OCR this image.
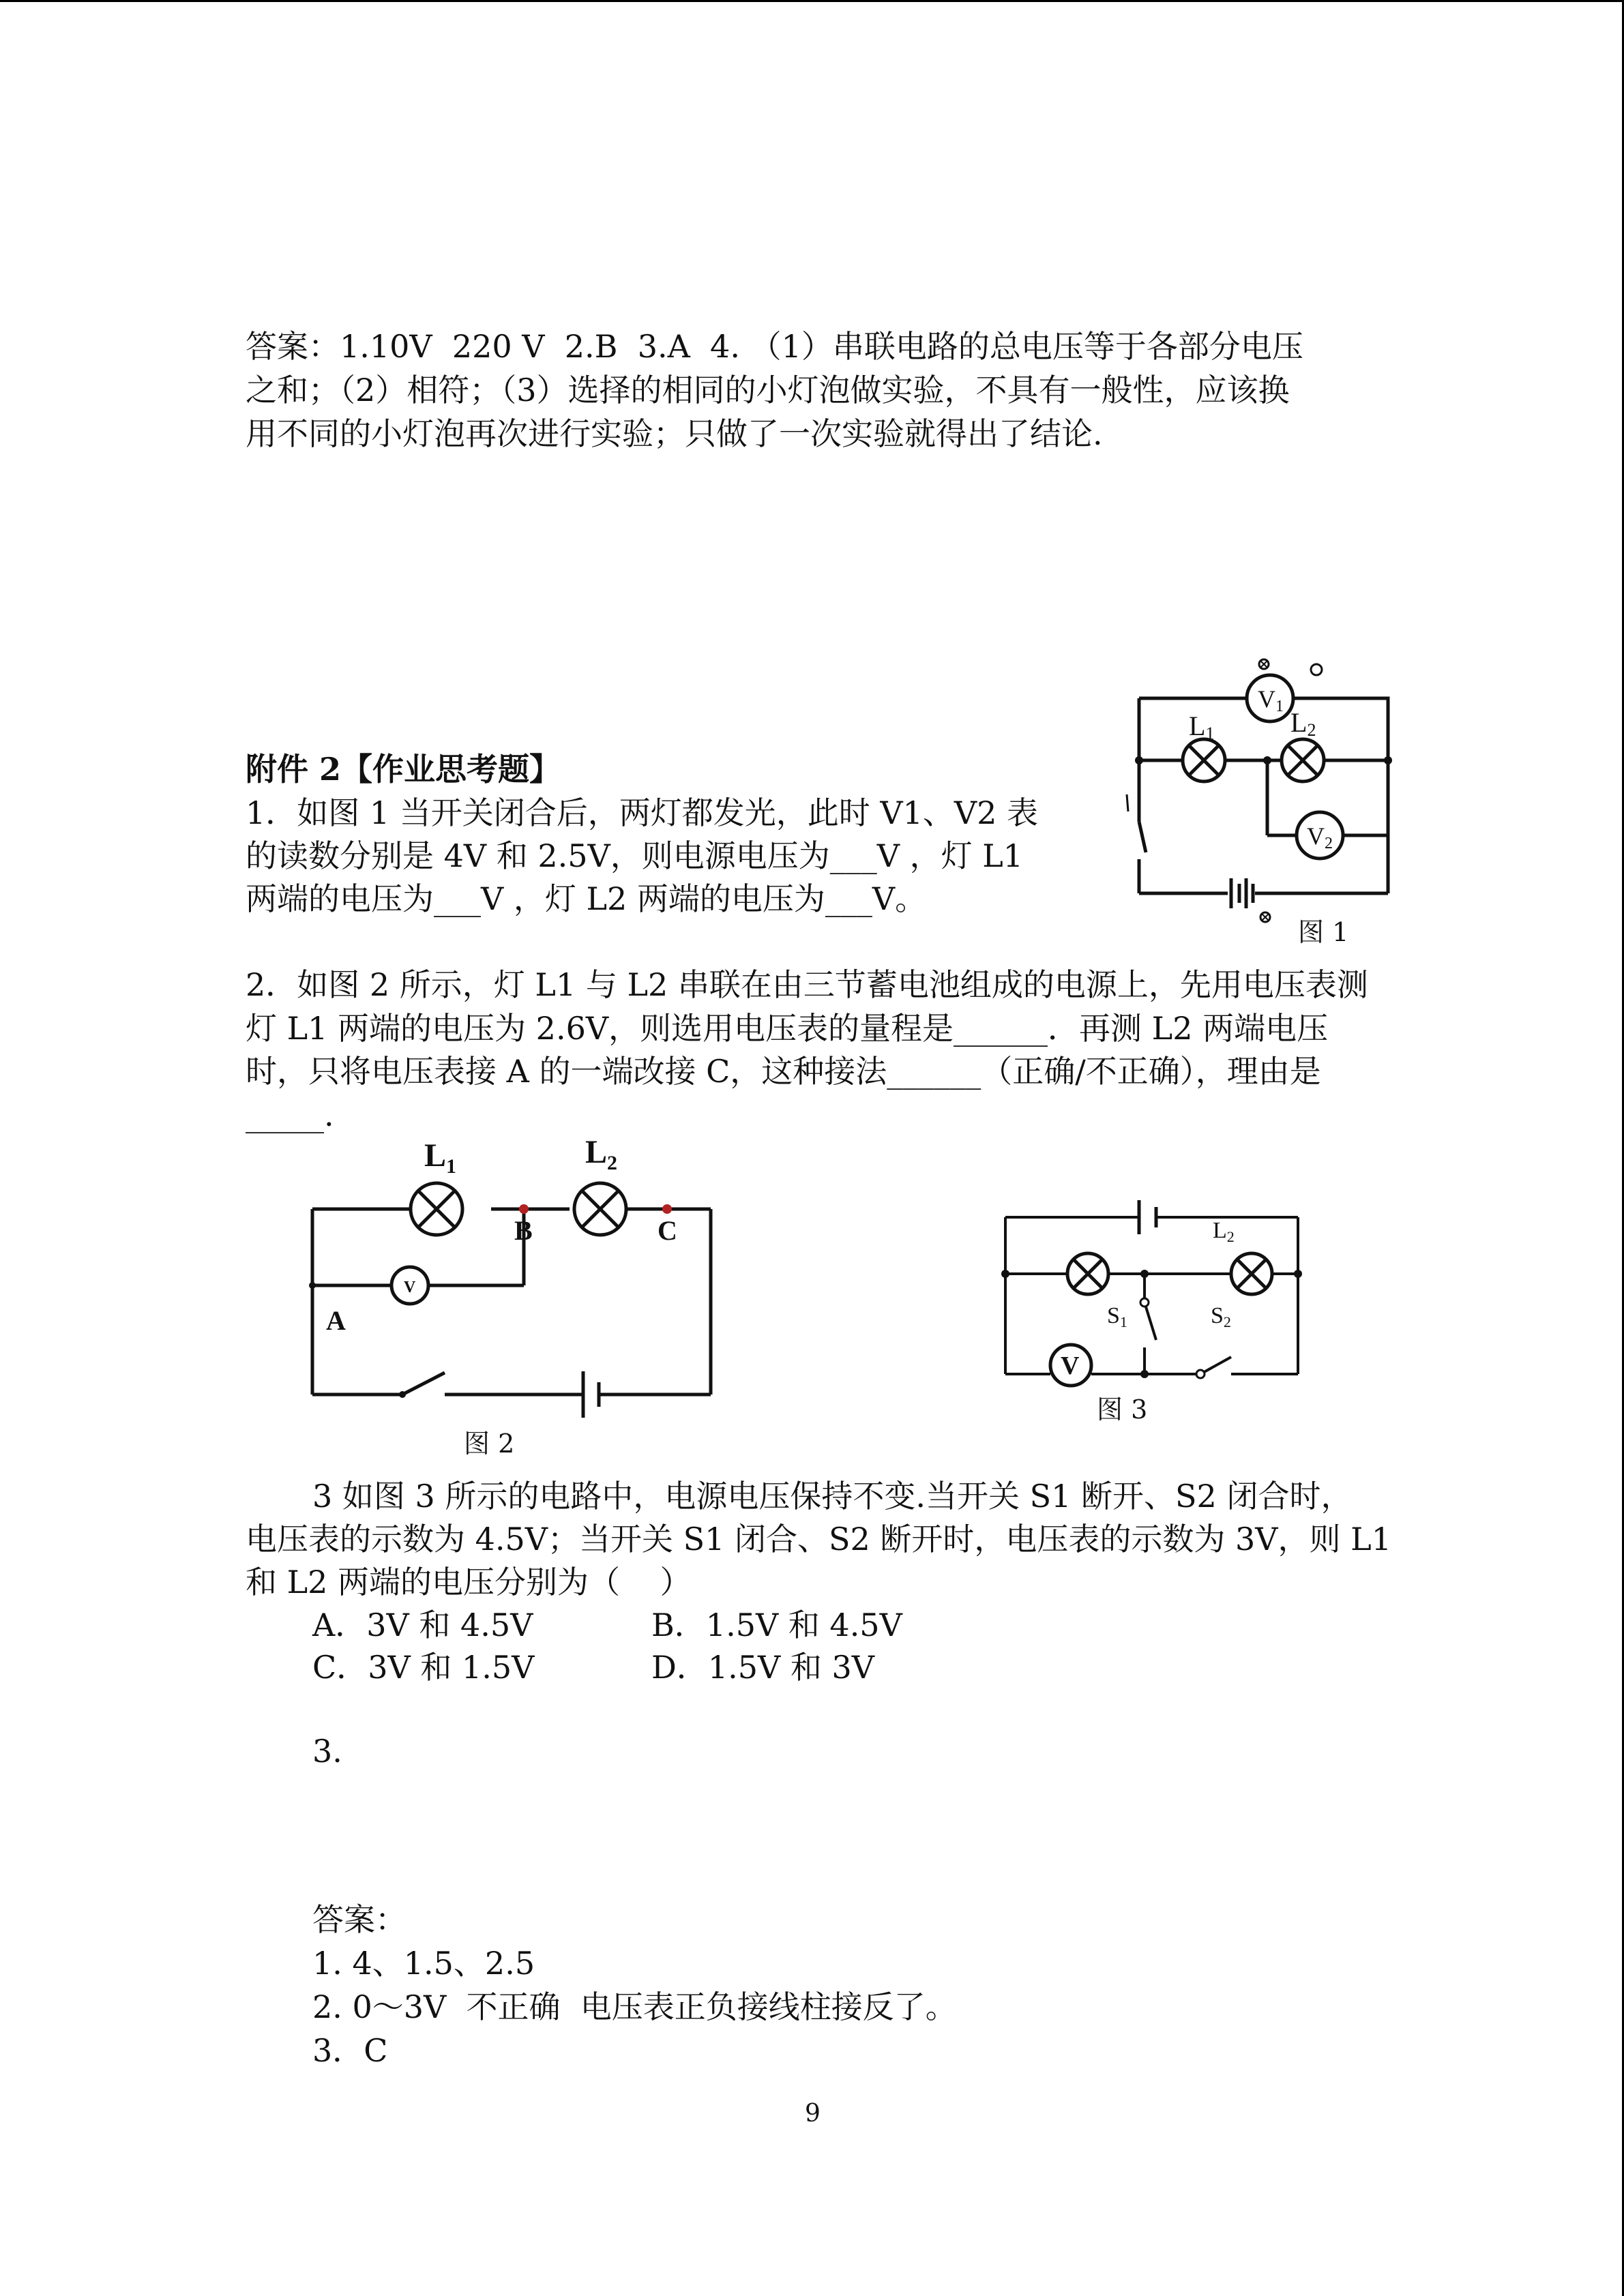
答案：1.10V  220 V  2.B  3.A  4. （1）串联电路的总电压等于各部分电压
之和；（2）相符；（3）选择的相同的小灯泡做实验，不具有一般性，应该换
用不同的小灯泡再次进行实验；只做了一次实验就得出了结论.
附件 2【作业思考题】
1．如图 1 当开关闭合后，两灯都发光，此时 V1、V2 表
的读数分别是 4V 和 2.5V，则电源电压为___V ，灯 L1
两端的电压为___V ，灯 L2 两端的电压为___V。
L1	L2
V1
V2
图 1
2．如图 2 所示，灯 L1 与 L2 串联在由三节蓄电池组成的电源上，先用电压表测
灯 L1 两端的电压为 2.6V，则选用电压表的量程是______．再测 L2 两端电压
时，只将电压表接 A 的一端改接 C，这种接法______（正确/不正确），理由是
_____.
$L_1$	$L_2$
B	C
A
V
图 2
L2
S1	S2
V
图 3
3 如图 3 所示的电路中，电源电压保持不变.当开关 S1 断开、S2 闭合时，
电压表的示数为 4.5V；当开关 S1 闭合、S2 断开时，电压表的示数为 3V，则 L1
和 L2 两端的电压分别为（    ）
A．3V 和 4.5V	B．1.5V 和 4.5V
C．3V 和 1.5V	D．1.5V 和 3V
3.
答案：
1. 4、1.5、2.5
2. 0～3V  不正确  电压表正负接线柱接反了。
3．C
9
